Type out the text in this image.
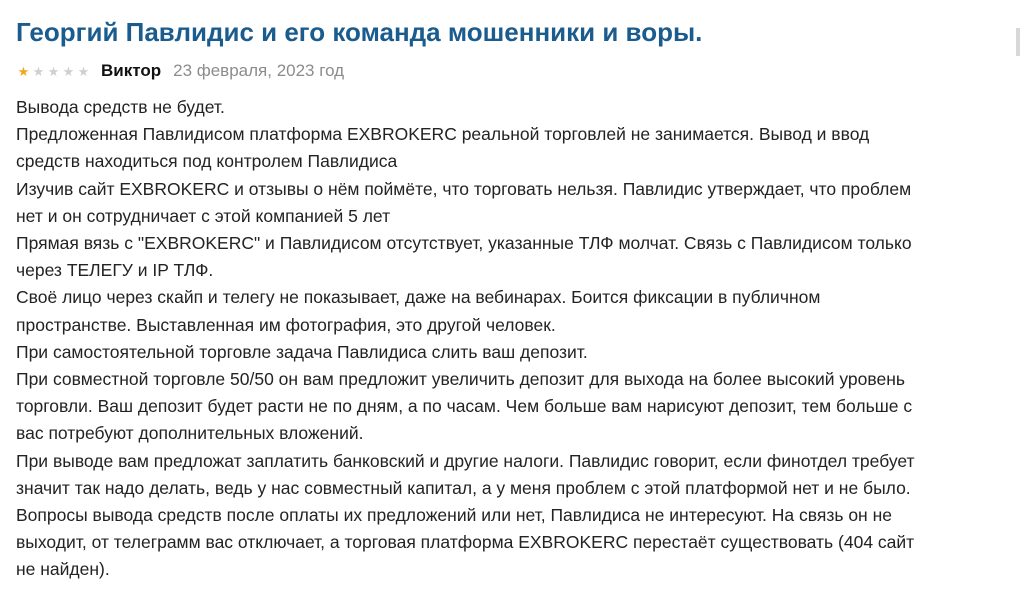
Георгий Павлидис и его команда мошенники и воры.
★ ★ ★ ★ ★ Виктор 23 февраля, 2023 год
Вывода средств не будет.
Предложенная Павлидисом платформа EXBROKERC реальной торговлей не занимается. Вывод и ввод
средств находиться под контролем Павлидиса
Изучив сайт EXBROKERC и отзывы о нём поймёте, что торговать нельзя. Павлидис утверждает, что проблем
нет и он сотрудничает с этой компанией 5 лет
Прямая вязь с "EXBROKERC" и Павлидисом отсутствует, указанные ТЛФ молчат. Связь с Павлидисом только
через ТЕЛЕГУ и IP ТЛФ.
Своё лицо через скайп и телегу не показывает, даже на вебинарах. Боится фиксации в публичном
пространстве. Выставленная им фотография, это другой человек.
При самостоятельной торговле задача Павлидиса слить ваш депозит.
При совместной торговле 50/50 он вам предложит увеличить депозит для выхода на более высокий уровень
торговли. Ваш депозит будет расти не по дням, а по часам. Чем больше вам нарисуют депозит, тем больше с
вас потребуют дополнительных вложений.
При выводе вам предложат заплатить банковский и другие налоги. Павлидис говорит, если финотдел требует
значит так надо делать, ведь у нас совместный капитал, а у меня проблем с этой платформой нет и не было.
Вопросы вывода средств после оплаты их предложений или нет, Павлидиса не интересуют. На связь он не
выходит, от телеграмм вас отключает, а торговая платформа EXBROKERC перестаёт существовать (404 сайт
не найден).
